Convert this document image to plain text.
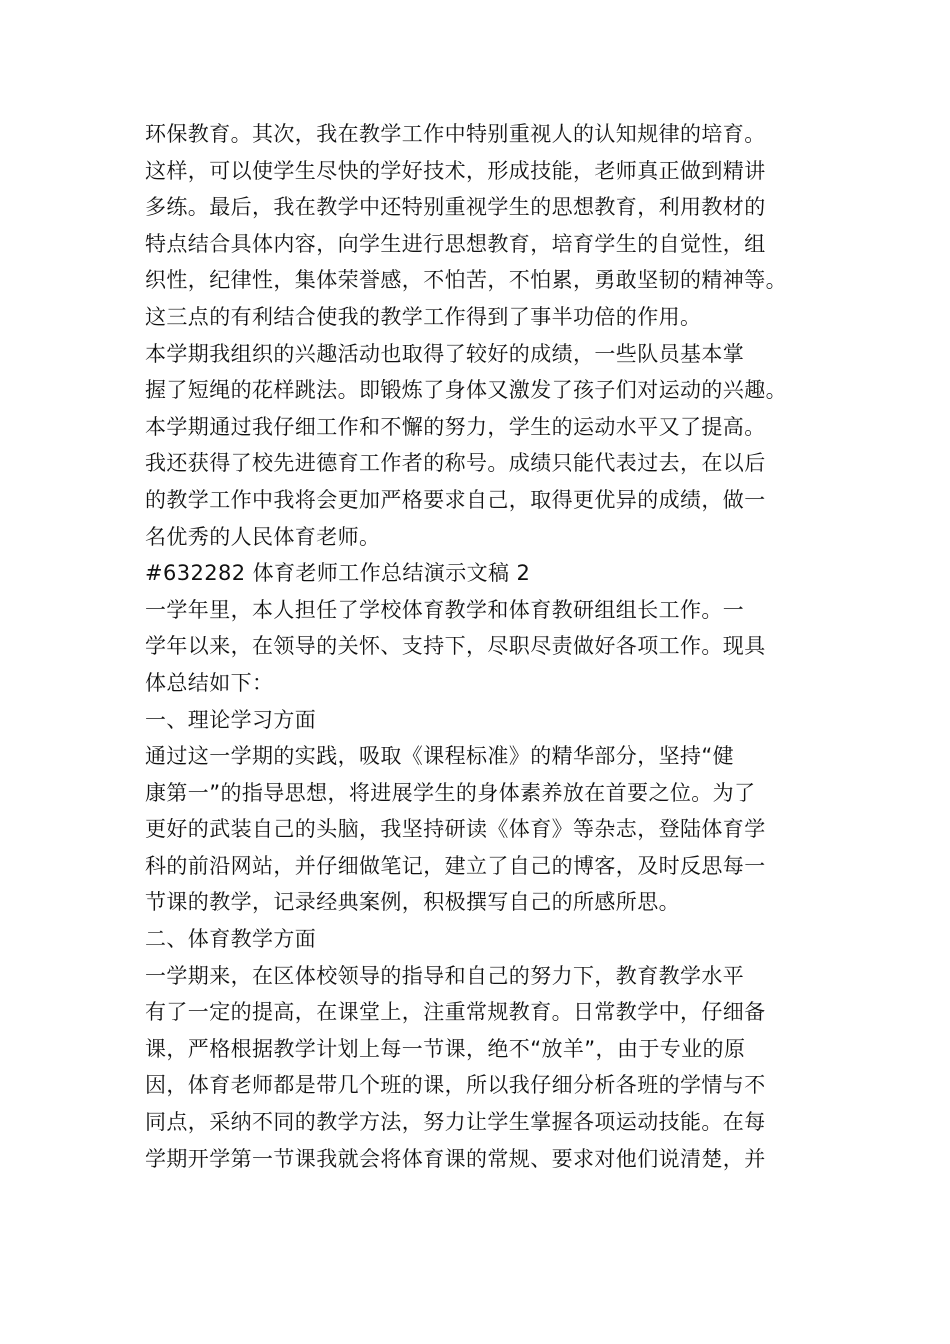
环保教育。其次，我在教学工作中特别重视人的认知规律的培育。
这样，可以使学生尽快的学好技术，形成技能，老师真正做到精讲
多练。最后，我在教学中还特别重视学生的思想教育，利用教材的
特点结合具体内容，向学生进行思想教育，培育学生的自觉性，组
织性，纪律性，集体荣誉感，不怕苦，不怕累，勇敢坚韧的精神等。
这三点的有利结合使我的教学工作得到了事半功倍的作用。
本学期我组织的兴趣活动也取得了较好的成绩，一些队员基本掌
握了短绳的花样跳法。即锻炼了身体又激发了孩子们对运动的兴趣。
本学期通过我仔细工作和不懈的努力，学生的运动水平又了提高。
我还获得了校先进德育工作者的称号。成绩只能代表过去，在以后
的教学工作中我将会更加严格要求自己，取得更优异的成绩，做一
名优秀的人民体育老师。
#632282 体育老师工作总结演示文稿 2
一学年里，本人担任了学校体育教学和体育教研组组长工作。一
学年以来，在领导的关怀、支持下，尽职尽责做好各项工作。现具
体总结如下：
一、理论学习方面
通过这一学期的实践，吸取《课程标准》的精华部分，坚持“健
康第一”的指导思想，将进展学生的身体素养放在首要之位。为了
更好的武装自己的头脑，我坚持研读《体育》等杂志，登陆体育学
科的前沿网站，并仔细做笔记，建立了自己的博客，及时反思每一
节课的教学，记录经典案例，积极撰写自己的所感所思。
二、体育教学方面
一学期来，在区体校领导的指导和自己的努力下，教育教学水平
有了一定的提高，在课堂上，注重常规教育。日常教学中，仔细备
课，严格根据教学计划上每一节课，绝不“放羊”，由于专业的原
因，体育老师都是带几个班的课，所以我仔细分析各班的学情与不
同点，采纳不同的教学方法，努力让学生掌握各项运动技能。在每
学期开学第一节课我就会将体育课的常规、要求对他们说清楚，并
